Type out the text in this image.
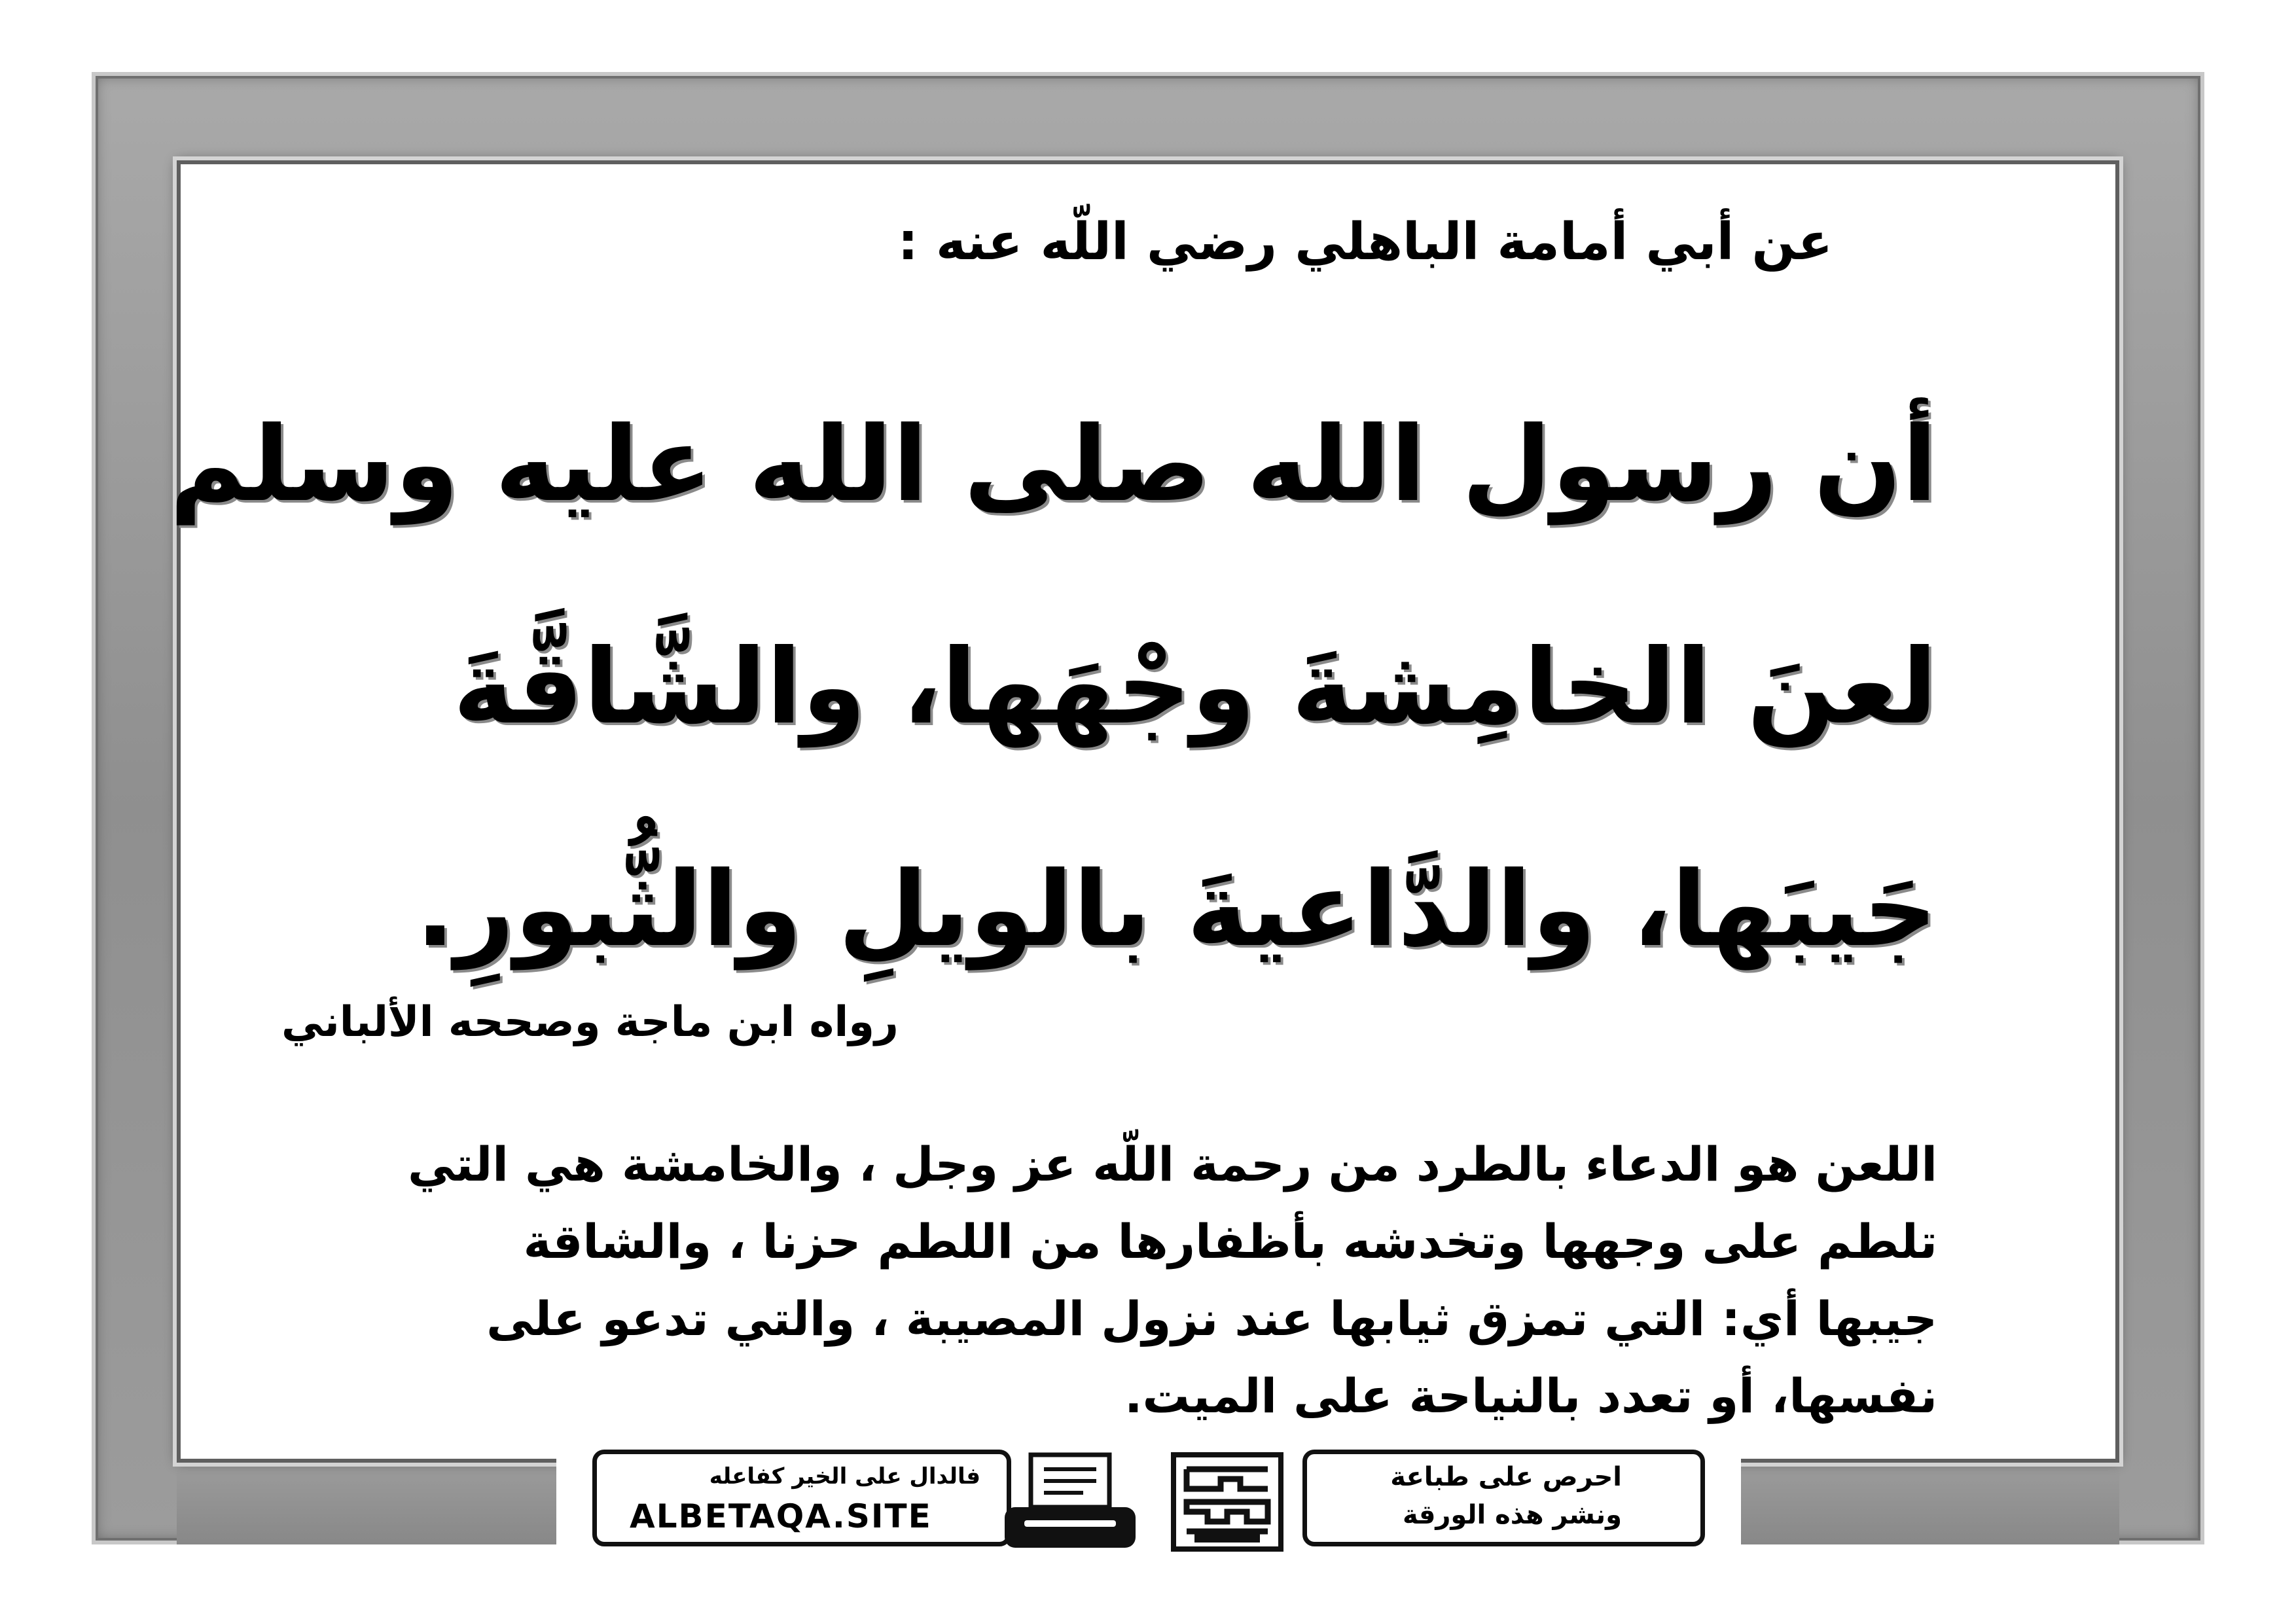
عن أبي أمامة الباهلي رضي اللّه عنه :
أن رسول الله صلى الله عليه وسلم
لعنَ الخامِشةَ وجْهَها، والشَّاقَّةَ
جَيبَها، والدَّاعيةَ بالويلِ والثُّبورِ.
رواه ابن ماجة وصححه الألباني
اللعن هو الدعاء بالطرد من رحمة اللّه عز وجل ، والخامشة هي التي
تلطم على وجهها وتخدشه بأظفارها من اللطم حزنا ، والشاقة
جيبها أي: التي تمزق ثيابها عند نزول المصيبة ، والتي تدعو على
نفسها، أو تعدد بالنياحة على الميت.
فالدال على الخير كفاعله
ALBETAQA.SITE
احرص على طباعة
ونشر هذه الورقة
